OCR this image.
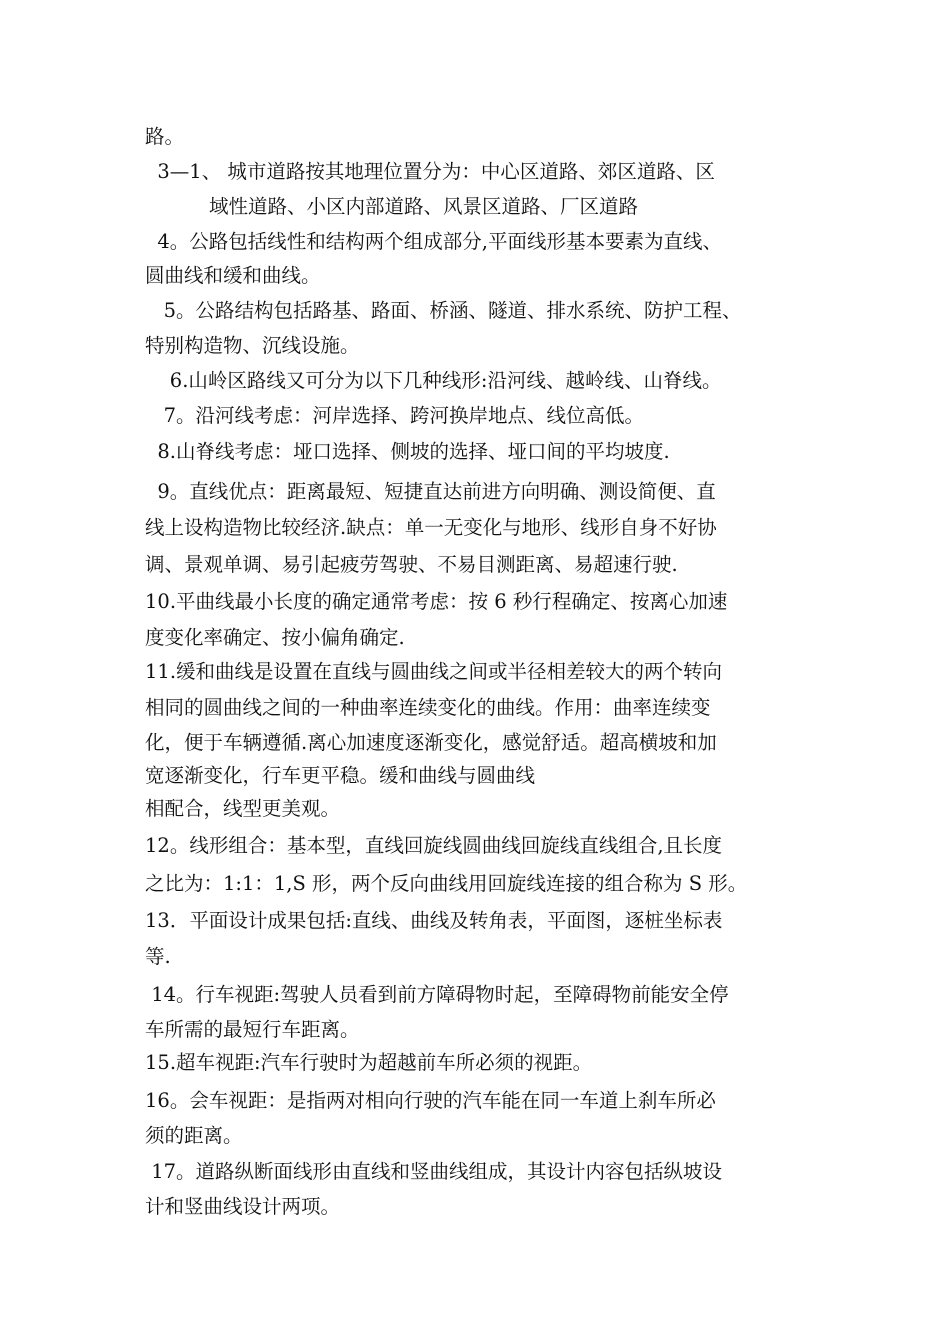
路。
3—1、 城市道路按其地理位置分为：中心区道路、郊区道路、区
域性道路、小区内部道路、风景区道路、厂区道路
4。公路包括线性和结构两个组成部分,平面线形基本要素为直线、
圆曲线和缓和曲线。
5。公路结构包括路基、路面、桥涵、隧道、排水系统、防护工程、
特别构造物、沉线设施。
6.山岭区路线又可分为以下几种线形:沿河线、越岭线、山脊线。
7。沿河线考虑：河岸选择、跨河换岸地点、线位高低。
8.山脊线考虑：垭口选择、侧坡的选择、垭口间的平均坡度.
9。直线优点：距离最短、短捷直达前进方向明确、测设简便、直
线上设构造物比较经济.缺点：单一无变化与地形、线形自身不好协
调、景观单调、易引起疲劳驾驶、不易目测距离、易超速行驶.
10.平曲线最小长度的确定通常考虑：按 6 秒行程确定、按离心加速
度变化率确定、按小偏角确定.
11.缓和曲线是设置在直线与圆曲线之间或半径相差较大的两个转向
相同的圆曲线之间的一种曲率连续变化的曲线。作用：曲率连续变
化，便于车辆遵循.离心加速度逐渐变化，感觉舒适。超高横坡和加
宽逐渐变化，行车更平稳。缓和曲线与圆曲线
相配合，线型更美观。
12。线形组合：基本型，直线回旋线圆曲线回旋线直线组合,且长度
之比为：1:1：1,S 形，两个反向曲线用回旋线连接的组合称为 S 形。
13．平面设计成果包括:直线、曲线及转角表，平面图，逐桩坐标表
等.
14。行车视距:驾驶人员看到前方障碍物时起，至障碍物前能安全停
车所需的最短行车距离。
15.超车视距:汽车行驶时为超越前车所必须的视距。
16。会车视距：是指两对相向行驶的汽车能在同一车道上刹车所必
须的距离。
17。道路纵断面线形由直线和竖曲线组成，其设计内容包括纵坡设
计和竖曲线设计两项。
